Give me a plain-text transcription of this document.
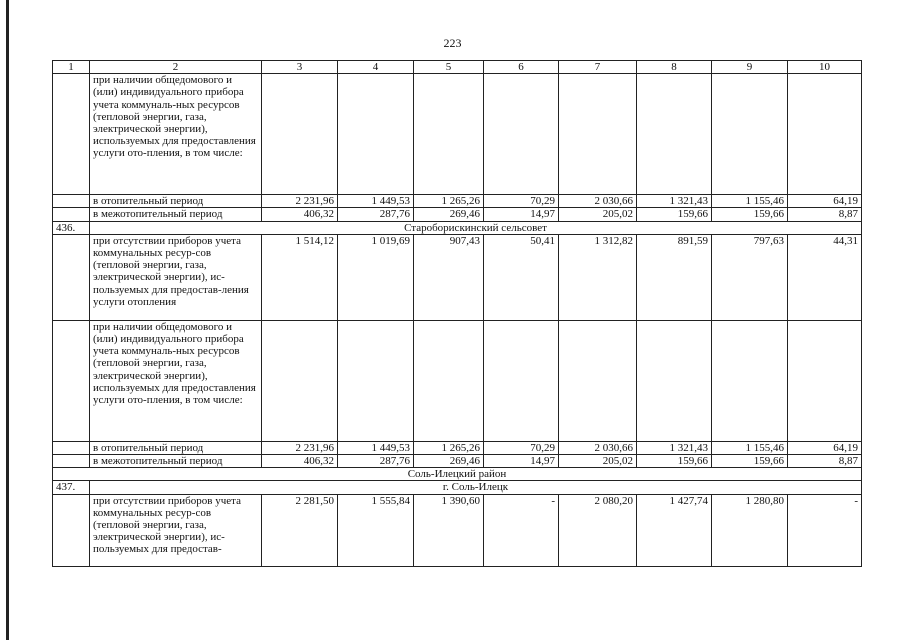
223
1	2	3	4	5	6	7	8	9	10
	при наличии общедомового и (или) индивидуального прибора учета коммуналь-ных ресурсов (тепловой энергии, газа, электрической энергии), используемых для предоставления услуги ото-пления, в том числе:								
	в отопительный период	2 231,96	1 449,53	1 265,26	70,29	2 030,66	1 321,43	1 155,46	64,19
	в межотопительный период	406,32	287,76	269,46	14,97	205,02	159,66	159,66	8,87
436.	Староборискинский сельсовет								
	при отсутствии приборов учета коммунальных ресур-сов (тепловой энергии, газа, электрической энергии), ис-пользуемых для предостав-ления услуги отопления	1 514,12	1 019,69	907,43	50,41	1 312,82	891,59	797,63	44,31
	при наличии общедомового и (или) индивидуального прибора учета коммуналь-ных ресурсов (тепловой энергии, газа, электрической энергии), используемых для предоставления услуги ото-пления, в том числе:								
	в отопительный период	2 231,96	1 449,53	1 265,26	70,29	2 030,66	1 321,43	1 155,46	64,19
	в межотопительный период	406,32	287,76	269,46	14,97	205,02	159,66	159,66	8,87
Соль-Илецкий район									
437.	г. Соль-Илецк								
	при отсутствии приборов учета коммунальных ресур-сов (тепловой энергии, газа, электрической энергии), ис-пользуемых для предостав-	2 281,50	1 555,84	1 390,60	-	2 080,20	1 427,74	1 280,80	-
